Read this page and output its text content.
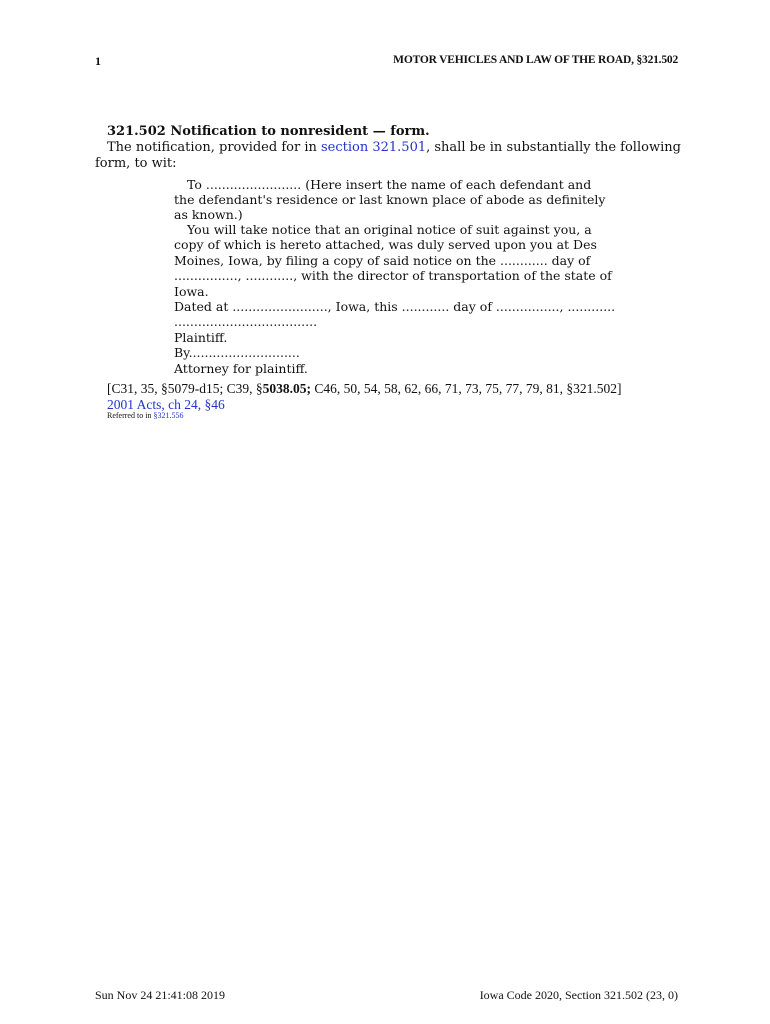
1	MOTOR VEHICLES AND LAW OF THE ROAD, §321.502
321.502 Notification to nonresident — form.
The notification, provided for in section 321.501, shall be in substantially the following
form, to wit:
To ........................ (Here insert the name of each defendant and
the defendant's residence or last known place of abode as definitely
as known.)
You will take notice that an original notice of suit against you, a
copy of which is hereto attached, was duly served upon you at Des
Moines, Iowa, by filing a copy of said notice on the ............ day of
................, ............, with the director of transportation of the state of
Iowa.
Dated at ........................, Iowa, this ............ day of ................, ............
....................................
Plaintiff.
By............................
Attorney for plaintiff.
[C31, 35, §5079-d15; C39, §5038.05; C46, 50, 54, 58, 62, 66, 71, 73, 75, 77, 79, 81, §321.502]
2001 Acts, ch 24, §46
Referred to in §321.556
Sun Nov 24 21:41:08 2019	Iowa Code 2020, Section 321.502 (23, 0)
